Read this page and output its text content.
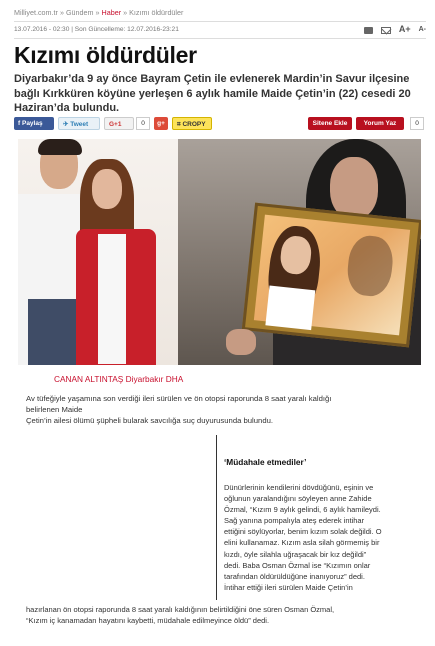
Milliyet.com.tr » Gündem » Haber » Kızımı öldürdüler
13.07.2016 - 02:30 | Son Güncelleme: 12.07.2016-23:21	A+ A-
Kızımı öldürdüler

Diyarbakır’da 9 ay önce Bayram Çetin ile evlenerek Mardin’in Savur ilçesine bağlı Kırkküren köyüne yerleşen 6 aylık hamile Maide Çetin’in (22) cesedi 20 Haziran’da bulundu.

f Paylaş	✈ Tweet	G+1	0	g+	⌗ CROPY	Sitene Ekle	Yorum Yaz	0
CANAN ALTINTAŞ Diyarbakır DHA
Av tüfeğiyle yaşamına son verdiği ileri sürülen ve ön otopsi raporunda 8 saat yaralı kaldığı
belirlenen Maide
Çetin’in ailesi ölümü şüpheli bularak savcılığa suç duyurusunda bulundu.
‘Müdahale etmediler’
Dünürlerinin kendilerini dövdüğünü, eşinin ve
oğlunun yaralandığını söyleyen anne Zahide
Özmal, “Kızım 9 aylık gelindi, 6 aylık hamileydi.
Sağ yanına pompalıyla ateş ederek intihar
ettiğini söylüyorlar, benim kızım solak değildi. O
elini kullanamaz. Kızım asla silah görmemiş bir
kızdı, öyle silahla uğraşacak bir kız değildi”
dedi. Baba Osman Özmal ise “Kızımın onlar
tarafından öldürüldüğüne inanıyoruz” dedi.
İntihar ettiği ileri sürülen Maide Çetin’in
hazırlanan ön otopsi raporunda 8 saat yaralı kaldığının belirtildiğini öne süren Osman Özmal,
“Kızım iç kanamadan hayatını kaybetti, müdahale edilmeyince öldü” dedi.
